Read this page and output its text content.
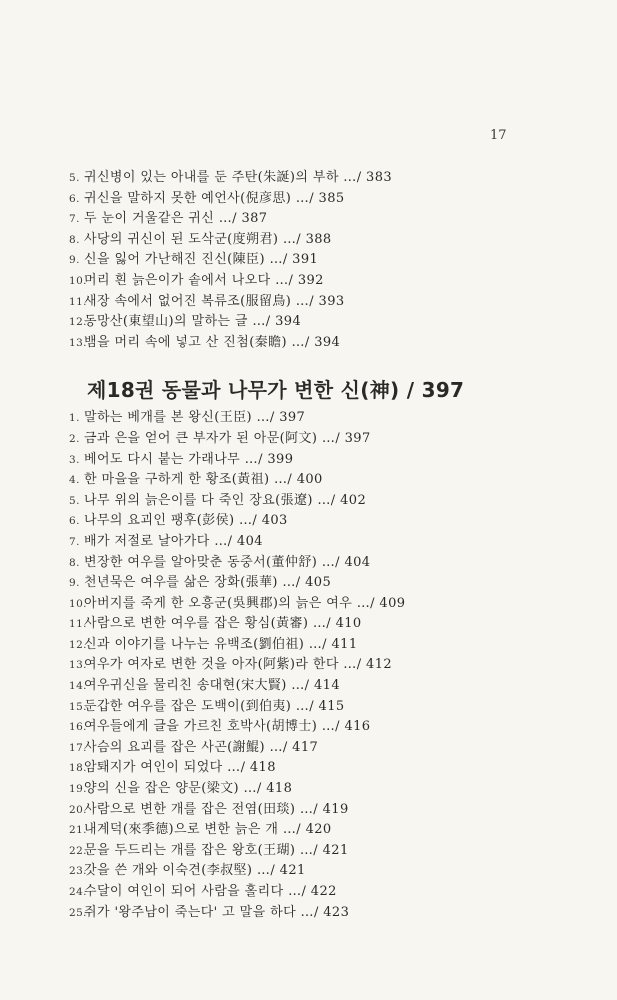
17
5. 귀신병이 있는 아내를 둔 주탄(朱誕)의 부하 …/ 383
6. 귀신을 말하지 못한 예언사(倪彦思) …/ 385
7. 두 눈이 거울같은 귀신 …/ 387
8. 사당의 귀신이 된 도삭군(度朔君) …/ 388
9. 신을 잃어 가난해진 진신(陳臣) …/ 391
10.머리 흰 늙은이가 솥에서 나오다 …/ 392
11.새장 속에서 없어진 복류조(服留鳥) …/ 393
12.동망산(東望山)의 말하는 글 …/ 394
13.뱀을 머리 속에 넣고 산 진첨(秦瞻) …/ 394
제18권 동물과 나무가 변한 신(神) / 397
1. 말하는 베개를 본 왕신(王臣) …/ 397
2. 금과 은을 얻어 큰 부자가 된 아문(阿文) …/ 397
3. 베어도 다시 붙는 가래나무 …/ 399
4. 한 마을을 구하게 한 황조(黃祖) …/ 400
5. 나무 위의 늙은이를 다 죽인 장요(張遼) …/ 402
6. 나무의 요괴인 팽후(彭侯) …/ 403
7. 배가 저절로 날아가다 …/ 404
8. 변장한 여우를 알아맞춘 동중서(董仲舒) …/ 404
9. 천년묵은 여우를 삶은 장화(張華) …/ 405
10.아버지를 죽게 한 오흥군(吳興郡)의 늙은 여우 …/ 409
11.사람으로 변한 여우를 잡은 황심(黃審) …/ 410
12.신과 이야기를 나누는 유백조(劉伯祖) …/ 411
13.여우가 여자로 변한 것을 아자(阿紫)라 한다 …/ 412
14.여우귀신을 물리친 송대현(宋大賢) …/ 414
15.둔갑한 여우를 잡은 도백이(到伯夷) …/ 415
16.여우들에게 글을 가르친 호박사(胡博士) …/ 416
17.사슴의 요괴를 잡은 사곤(謝鯤) …/ 417
18.암퇘지가 여인이 되었다 …/ 418
19.양의 신을 잡은 양문(梁文) …/ 418
20.사람으로 변한 개를 잡은 전염(田琰) …/ 419
21.내계덕(來季德)으로 변한 늙은 개 …/ 420
22.문을 두드리는 개를 잡은 왕호(王瑚) …/ 421
23.갓을 쓴 개와 이숙견(李叔堅) …/ 421
24.수달이 여인이 되어 사람을 홀리다 …/ 422
25.쥐가 '왕주남이 죽는다' 고 말을 하다 …/ 423
